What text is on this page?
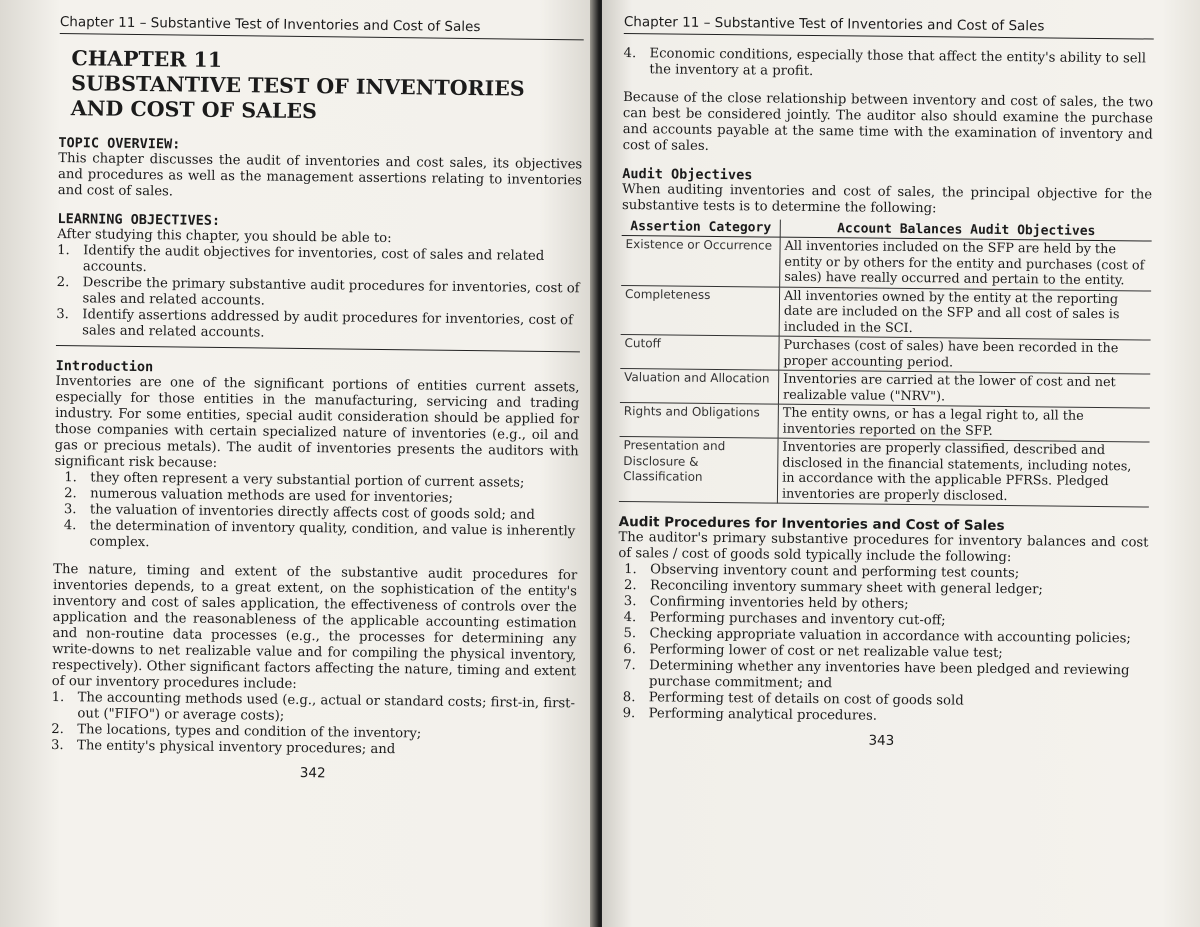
Chapter 11 – Substantive Test of Inventories and Cost of Sales
CHAPTER 11
SUBSTANTIVE TEST OF INVENTORIES AND COST OF SALES
TOPIC OVERVIEW:

This chapter discusses the audit of inventories and cost sales, its objectives and procedures as well as the management assertions relating to inventories and cost of sales.

LEARNING OBJECTIVES:

After studying this chapter, you should be able to:

1.	Identify the audit objectives for inventories, cost of sales and related accounts.
2.	Describe the primary substantive audit procedures for inventories, cost of sales and related accounts.
3.	Identify assertions addressed by audit procedures for inventories, cost of sales and related accounts.
Introduction

Inventories are one of the significant portions of entities current assets, especially for those entities in the manufacturing, servicing and trading industry. For some entities, special audit consideration should be applied for those companies with certain specialized nature of inventories (e.g., oil and gas or precious metals). The audit of inventories presents the auditors with significant risk because:

1.	they often represent a very substantial portion of current assets;
2.	numerous valuation methods are used for inventories;
3.	the valuation of inventories directly affects cost of goods sold; and
4.	the determination of inventory quality, condition, and value is inherently complex.

The nature, timing and extent of the substantive audit procedures for inventories depends, to a great extent, on the sophistication of the entity's inventory and cost of sales application, the effectiveness of controls over the application and the reasonableness of the applicable accounting estimation and non-routine data processes (e.g., the processes for determining any write-downs to net realizable value and for compiling the physical inventory, respectively). Other significant factors affecting the nature, timing and extent of our inventory procedures include:

1.	The accounting methods used (e.g., actual or standard costs; first-in, first-out ("FIFO") or average costs);
2.	The locations, types and condition of the inventory;
3.	The entity's physical inventory procedures; and
342
Chapter 11 – Substantive Test of Inventories and Cost of Sales
4.	Economic conditions, especially those that affect the entity's ability to sell the inventory at a profit.

Because of the close relationship between inventory and cost of sales, the two can best be considered jointly. The auditor also should examine the purchase and accounts payable at the same time with the examination of inventory and cost of sales.

Audit Objectives

When auditing inventories and cost of sales, the principal objective for the substantive tests is to determine the following:

Assertion Category	Account Balances Audit Objectives
Existence or Occurrence	All inventories included on the SFP are held by the entity or by others for the entity and purchases (cost of sales) have really occurred and pertain to the entity.
Completeness	All inventories owned by the entity at the reporting date are included on the SFP and all cost of sales is included in the SCI.
Cutoff	Purchases (cost of sales) have been recorded in the proper accounting period.
Valuation and Allocation	Inventories are carried at the lower of cost and net realizable value ("NRV").
Rights and Obligations	The entity owns, or has a legal right to, all the inventories reported on the SFP.
Presentation and Disclosure & Classification	Inventories are properly classified, described and disclosed in the financial statements, including notes, in accordance with the applicable PFRSs. Pledged inventories are properly disclosed.
Audit Procedures for Inventories and Cost of Sales

The auditor's primary substantive procedures for inventory balances and cost of sales / cost of goods sold typically include the following:

1.	Observing inventory count and performing test counts;
2.	Reconciling inventory summary sheet with general ledger;
3.	Confirming inventories held by others;
4.	Performing purchases and inventory cut-off;
5.	Checking appropriate valuation in accordance with accounting policies;
6.	Performing lower of cost or net realizable value test;
7.	Determining whether any inventories have been pledged and reviewing purchase commitment; and
8.	Performing test of details on cost of goods sold
9.	Performing analytical procedures.
343
